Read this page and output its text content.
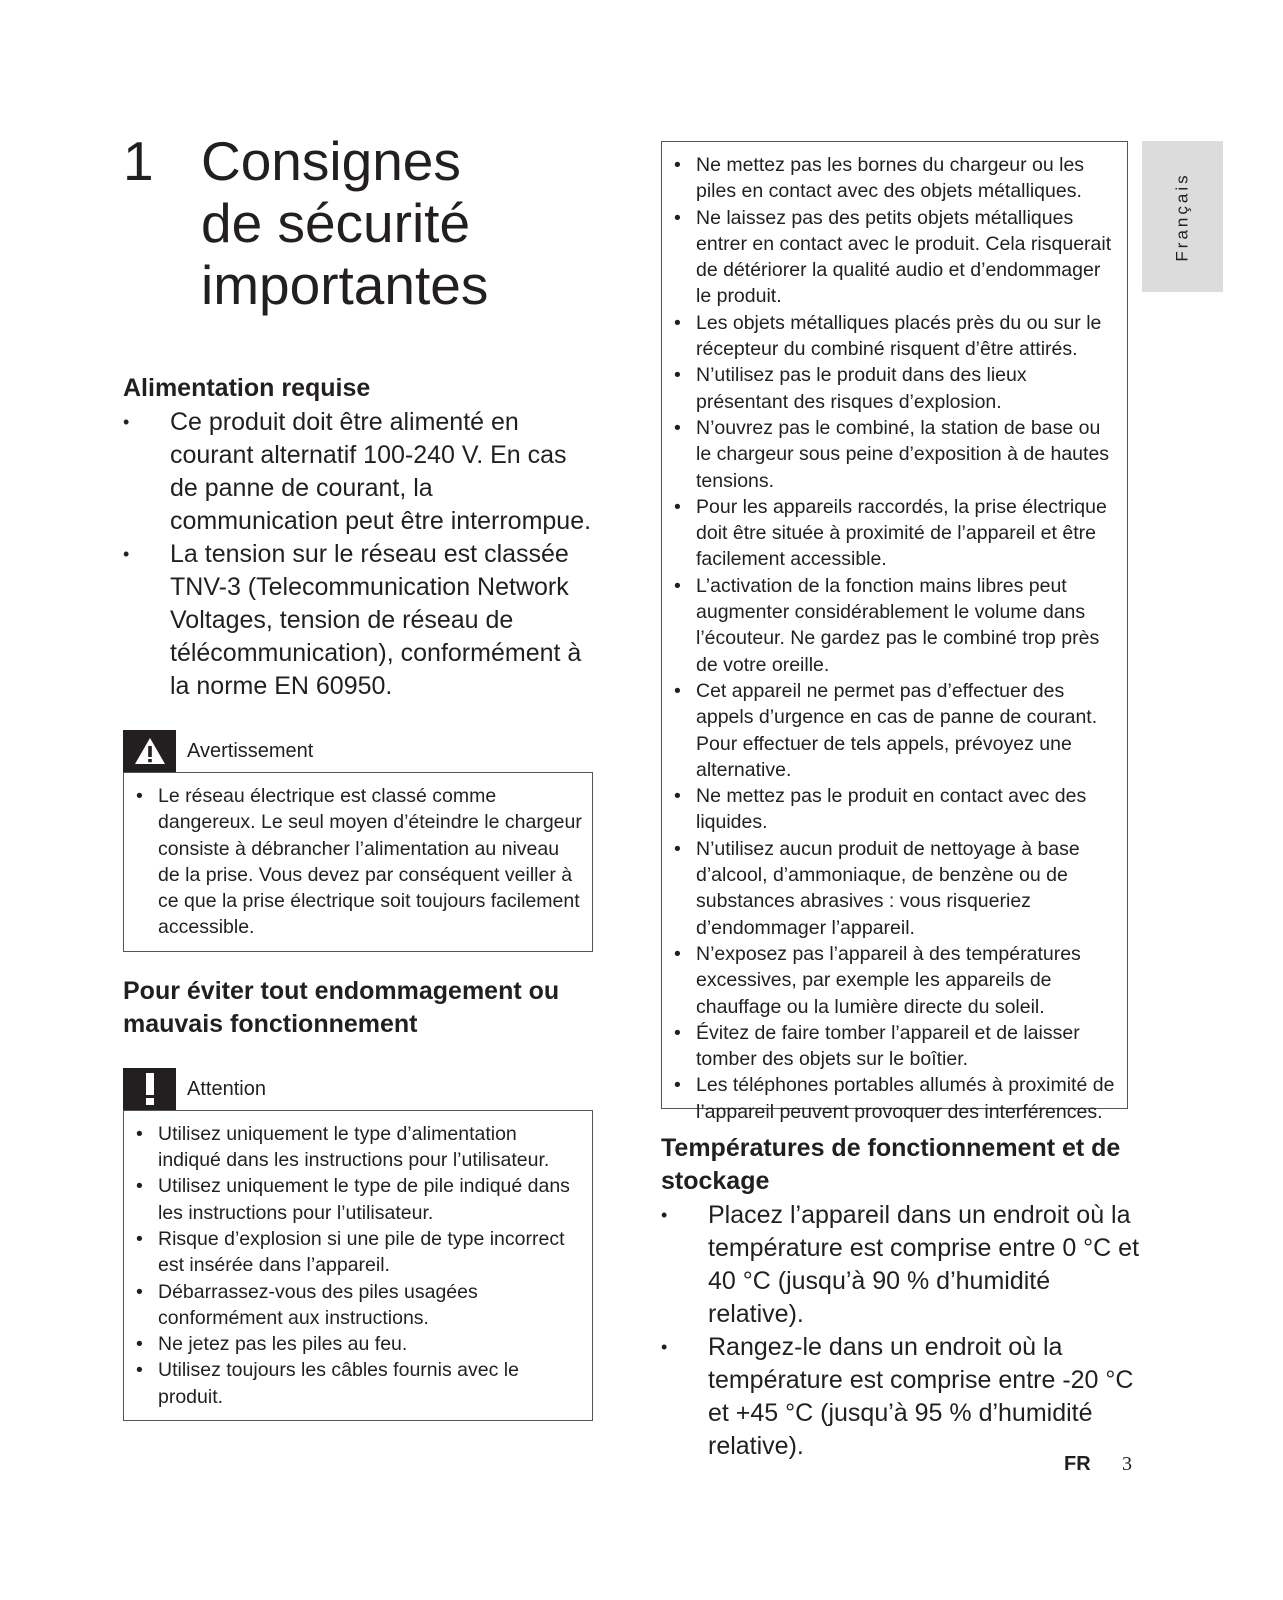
1 Consignes
de sécurité
importantes
Alimentation requise
• Ce produit doit être alimenté en courant alternatif 100-240 V. En cas de panne de courant, la communication peut être interrompue.
• La tension sur le réseau est classée TNV-3 (Telecommunication Network Voltages, tension de réseau de télécommunication), conformément à la norme EN 60950.
Avertissement
• Le réseau électrique est classé comme dangereux. Le seul moyen d’éteindre le chargeur consiste à débrancher l’alimentation au niveau de la prise. Vous devez par conséquent veiller à ce que la prise électrique soit toujours facilement accessible.
Pour éviter tout endommagement ou mauvais fonctionnement
Attention
• Utilisez uniquement le type d’alimentation indiqué dans les instructions pour l’utilisateur.
• Utilisez uniquement le type de pile indiqué dans les instructions pour l’utilisateur.
• Risque d’explosion si une pile de type incorrect est insérée dans l’appareil.
• Débarrassez-vous des piles usagées conformément aux instructions.
• Ne jetez pas les piles au feu.
• Utilisez toujours les câbles fournis avec le produit.
• Ne mettez pas les bornes du chargeur ou les piles en contact avec des objets métalliques.
• Ne laissez pas des petits objets métalliques entrer en contact avec le produit. Cela risquerait de détériorer la qualité audio et d’endommager le produit.
• Les objets métalliques placés près du ou sur le récepteur du combiné risquent d’être attirés.
• N’utilisez pas le produit dans des lieux présentant des risques d’explosion.
• N’ouvrez pas le combiné, la station de base ou le chargeur sous peine d’exposition à de hautes tensions.
• Pour les appareils raccordés, la prise électrique doit être située à proximité de l’appareil et être facilement accessible.
• L’activation de la fonction mains libres peut augmenter considérablement le volume dans l’écouteur. Ne gardez pas le combiné trop près de votre oreille.
• Cet appareil ne permet pas d’effectuer des appels d’urgence en cas de panne de courant. Pour effectuer de tels appels, prévoyez une alternative.
• Ne mettez pas le produit en contact avec des liquides.
• N’utilisez aucun produit de nettoyage à base d’alcool, d’ammoniaque, de benzène ou de substances abrasives : vous risqueriez d’endommager l’appareil.
• N’exposez pas l’appareil à des températures excessives, par exemple les appareils de chauffage ou la lumière directe du soleil.
• Évitez de faire tomber l’appareil et de laisser tomber des objets sur le boîtier.
• Les téléphones portables allumés à proximité de l’appareil peuvent provoquer des interférences.
Températures de fonctionnement et de stockage
• Placez l’appareil dans un endroit où la température est comprise entre 0 °C et 40 °C (jusqu’à 90 % d’humidité relative).
• Rangez-le dans un endroit où la température est comprise entre -20 °C et +45 °C (jusqu’à 95 % d’humidité relative).
Français
FR 3
